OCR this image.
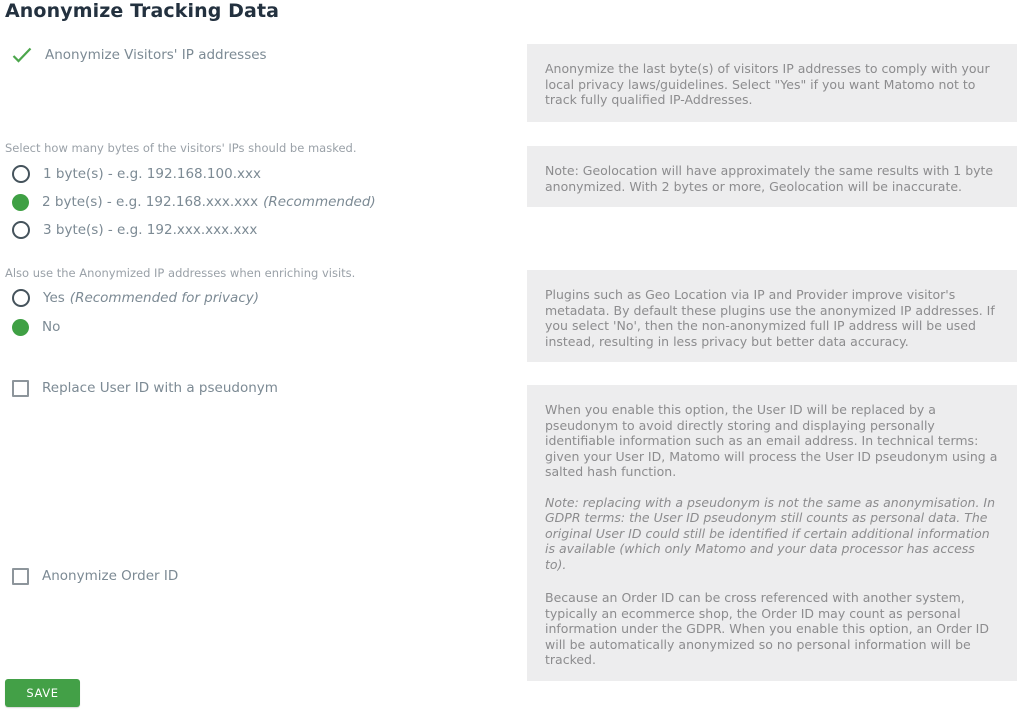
Anonymize Tracking Data
Anonymize Visitors' IP addresses

Anonymize the last byte(s) of visitors IP addresses to comply with your local privacy laws/guidelines. Select "Yes" if you want Matomo not to track fully qualified IP-Addresses.

Select how many bytes of the visitors' IPs should be masked.
1 byte(s) - e.g. 192.168.100.xxx
2 byte(s) - e.g. 192.168.xxx.xxx (Recommended)
3 byte(s) - e.g. 192.xxx.xxx.xxx

Note: Geolocation will have approximately the same results with 1 byte anonymized. With 2 bytes or more, Geolocation will be inaccurate.

Also use the Anonymized IP addresses when enriching visits.
Yes (Recommended for privacy)
No

Plugins such as Geo Location via IP and Provider improve visitor's metadata. By default these plugins use the anonymized IP addresses. If you select 'No', then the non-anonymized full IP address will be used instead, resulting in less privacy but better data accuracy.

Replace User ID with a pseudonym

When you enable this option, the User ID will be replaced by a pseudonym to avoid directly storing and displaying personally identifiable information such as an email address. In technical terms: given your User ID, Matomo will process the User ID pseudonym using a salted hash function.

Note: replacing with a pseudonym is not the same as anonymisation. In GDPR terms: the User ID pseudonym still counts as personal data. The original User ID could still be identified if certain additional information is available (which only Matomo and your data processor has access to).

Anonymize Order ID

Because an Order ID can be cross referenced with another system, typically an ecommerce shop, the Order ID may count as personal information under the GDPR. When you enable this option, an Order ID will be automatically anonymized so no personal information will be tracked.

SAVE
